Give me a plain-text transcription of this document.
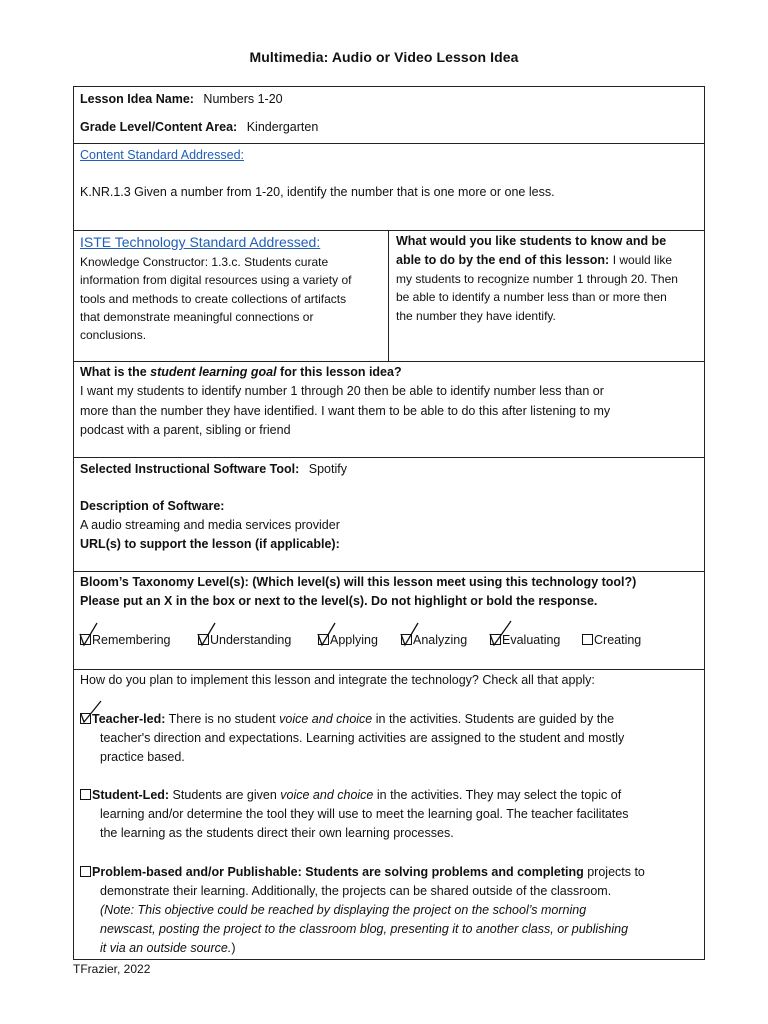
Multimedia: Audio or Video Lesson Idea
Lesson Idea Name: Numbers 1-20
Grade Level/Content Area: Kindergarten
Content Standard Addressed:
K.NR.1.3 Given a number from 1-20, identify the number that is one more or one less.
ISTE Technology Standard Addressed:
Knowledge Constructor: 1.3.c. Students curate
information from digital resources using a variety of
tools and methods to create collections of artifacts
that demonstrate meaningful connections or
conclusions.
What would you like students to know and be
able to do by the end of this lesson: I would like
my students to recognize number 1 through 20. Then
be able to identify a number less than or more then
the number they have identify.
What is the student learning goal for this lesson idea?
I want my students to identify number 1 through 20 then be able to identify number less than or
more than the number they have identified. I want them to be able to do this after listening to my
podcast with a parent, sibling or friend
Selected Instructional Software Tool: Spotify
Description of Software:
A audio streaming and media services provider
URL(s) to support the lesson (if applicable):
Bloom’s Taxonomy Level(s): (Which level(s) will this lesson meet using this technology tool?)
Please put an X in the box or next to the level(s). Do not highlight or bold the response.
Remembering	Understanding	Applying	Analyzing	Evaluating	Creating
How do you plan to implement this lesson and integrate the technology? Check all that apply:
Teacher-led: There is no student voice and choice in the activities. Students are guided by the
teacher's direction and expectations. Learning activities are assigned to the student and mostly
practice based.
Student-Led: Students are given voice and choice in the activities. They may select the topic of
learning and/or determine the tool they will use to meet the learning goal. The teacher facilitates
the learning as the students direct their own learning processes.
Problem-based and/or Publishable: Students are solving problems and completing projects to
demonstrate their learning. Additionally, the projects can be shared outside of the classroom.
(Note: This objective could be reached by displaying the project on the school’s morning
newscast, posting the project to the classroom blog, presenting it to another class, or publishing
it via an outside source.)
TFrazier, 2022
